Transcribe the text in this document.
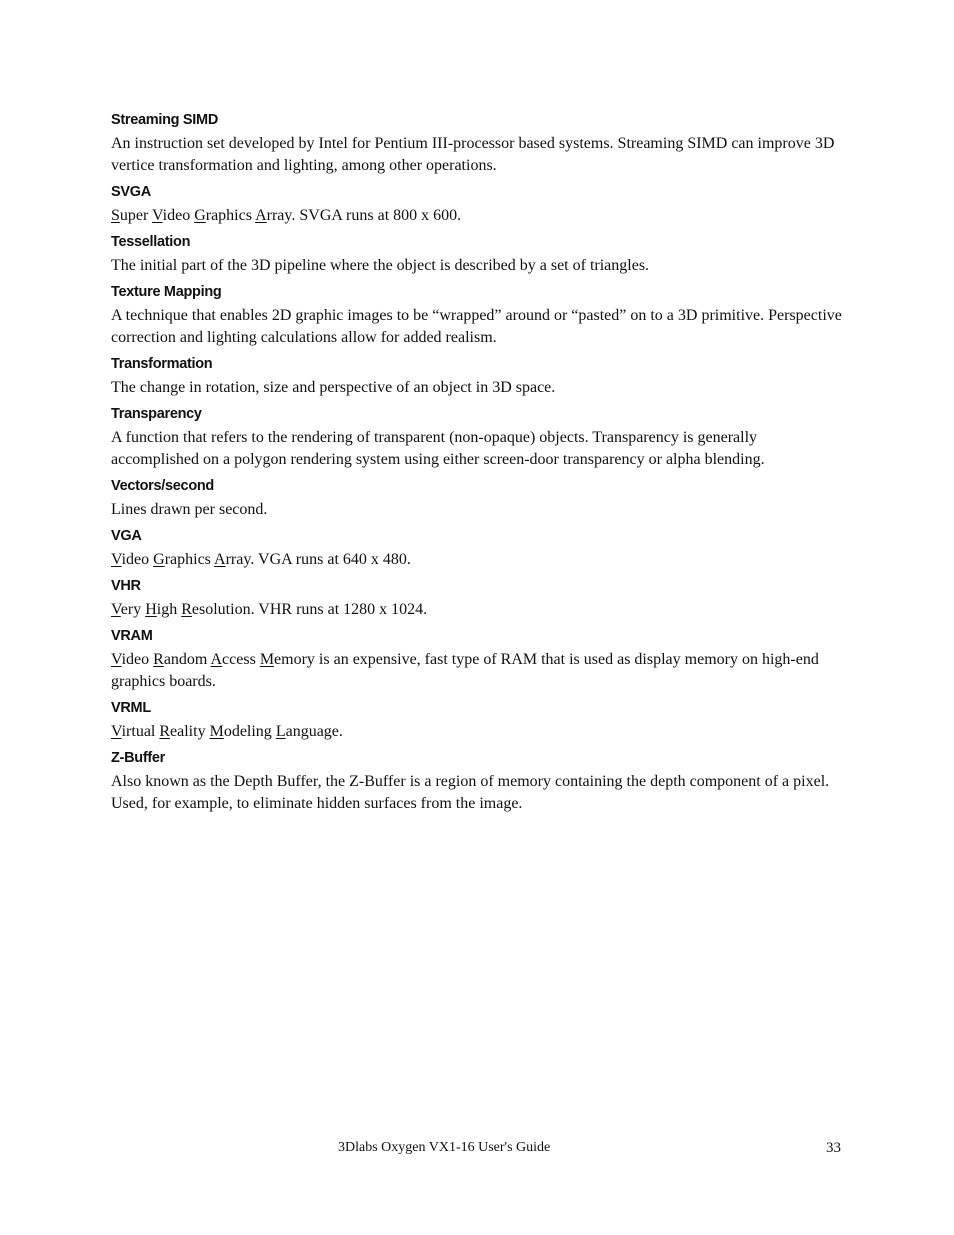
Streaming SIMD

An instruction set developed by Intel for Pentium III-processor based systems. Streaming SIMD can improve 3D vertice transformation and lighting, among other operations.

SVGA

Super Video Graphics Array. SVGA runs at 800 x 600.

Tessellation

The initial part of the 3D pipeline where the object is described by a set of triangles.

Texture Mapping

A technique that enables 2D graphic images to be “wrapped” around or “pasted” on to a 3D primitive. Perspective correction and lighting calculations allow for added realism.

Transformation

The change in rotation, size and perspective of an object in 3D space.

Transparency

A function that refers to the rendering of transparent (non-opaque) objects. Transparency is generally accomplished on a polygon rendering system using either screen-door transparency or alpha blending.

Vectors/second

Lines drawn per second.

VGA

Video Graphics Array. VGA runs at 640 x 480.

VHR

Very High Resolution. VHR runs at 1280 x 1024.

VRAM

Video Random Access Memory is an expensive, fast type of RAM that is used as display memory on high-end graphics boards.

VRML

Virtual Reality Modeling Language.

Z-Buffer

Also known as the Depth Buffer, the Z-Buffer is a region of memory containing the depth component of a pixel. Used, for example, to eliminate hidden surfaces from the image.

3Dlabs Oxygen VX1-16 User's Guide	33
